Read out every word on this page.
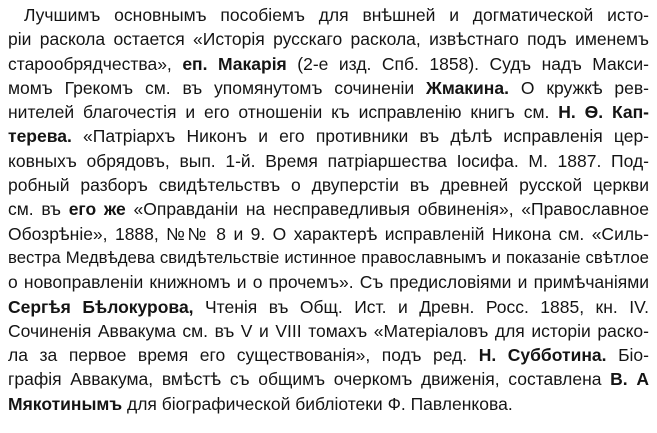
Лучшимъ основнымъ пособіемъ для внѣшней и догматической исто-
ріи раскола остается «Исторія русскаго раскола, извѣстнаго подъ именемъ
старообрядчества», еп. Макарія (2-е изд. Спб. 1858). Судъ надъ Макси-
момъ Грекомъ см. въ упомянутомъ сочиненіи Жмакина. О кружкѣ рев-
нителей благочестія и его отношеніи къ исправленію книгъ см. Н. Ѳ. Кап-
терева. «Патріархъ Никонъ и его противники въ дѣлѣ исправленія цер-
ковныхъ обрядовъ, вып. 1-й. Время патріаршества Іосифа. М. 1887. Под-
робный разборъ свидѣтельствъ о двуперстіи въ древней русской церкви
см. въ его же «Оправданіи на несправедливыя обвиненія», «Православное
Обозрѣніе», 1888, №№ 8 и 9. О характерѣ исправленій Никона см. «Силь-
вестра Медвѣдева свидѣтельствіе истинное православнымъ и показаніе свѣтлое
о новоправленіи книжномъ и о прочемъ». Съ предисловіями и примѣчаніями
Сергѣя Бѣлокурова, Чтенія въ Общ. Ист. и Древн. Росс. 1885, кн. IV.
Сочиненія Аввакума см. въ V и VIII томахъ «Матеріаловъ для исторіи раско-
ла за первое время его существованія», подъ ред. Н. Субботина. Біо-
графія Аввакума, вмѣстѣ съ общимъ очеркомъ движенія, составлена В. А
Мякотинымъ для біографической библіотеки Ф. Павленкова.
